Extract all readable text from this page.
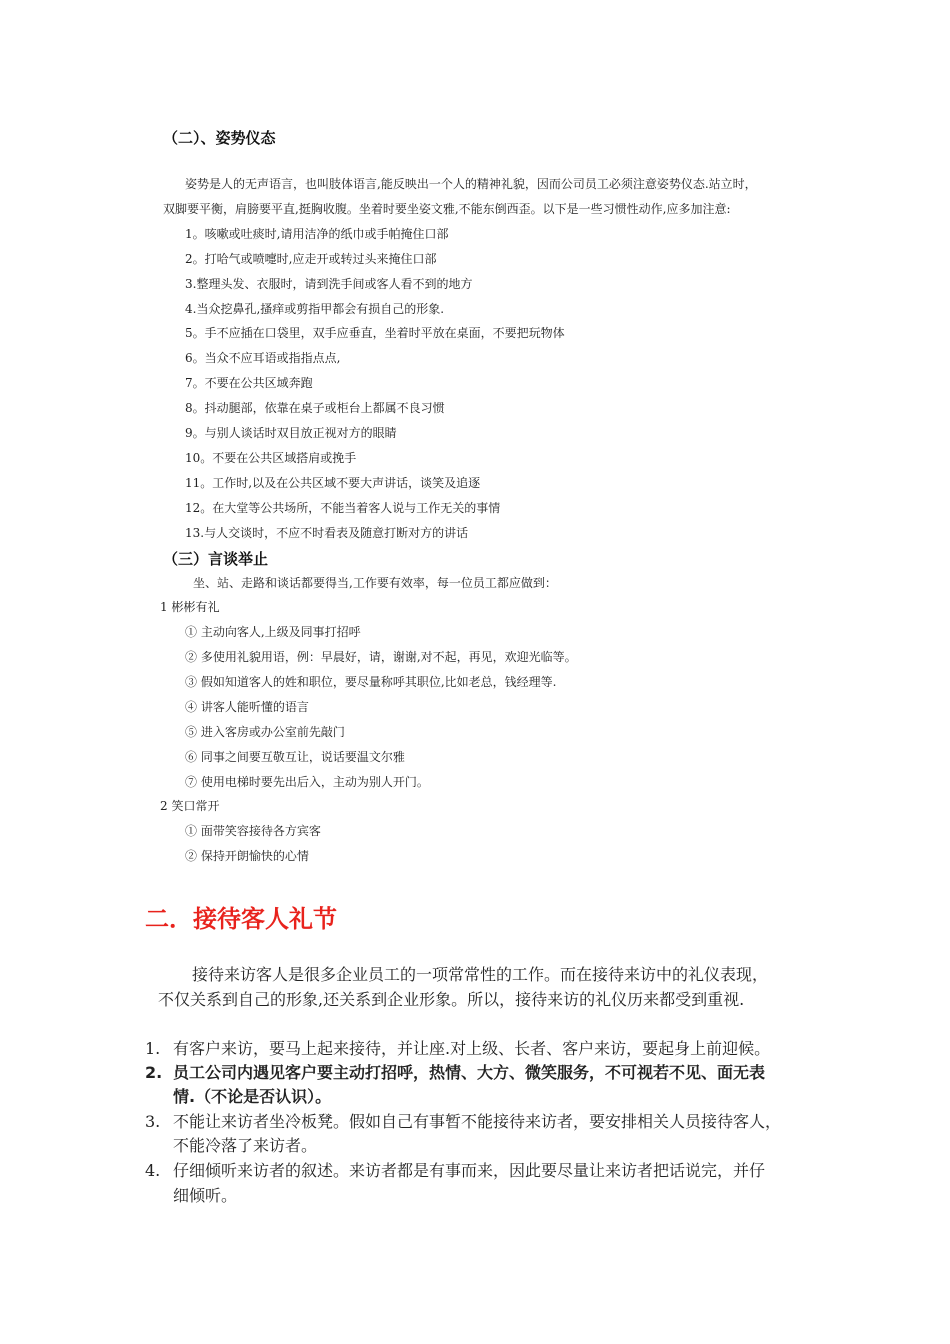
（二）、姿势仪态
姿势是人的无声语言，也叫肢体语言,能反映出一个人的精神礼貌，因而公司员工必须注意姿势仪态.站立时，
双脚要平衡，肩膀要平直,挺胸收腹。坐着时要坐姿文雅,不能东倒西歪。以下是一些习惯性动作,应多加注意:
1。咳嗽或吐痰时,请用洁净的纸巾或手帕掩住口部
2。打哈气或喷嚏时,应走开或转过头来掩住口部
3.整理头发、衣服时，请到洗手间或客人看不到的地方
4.当众挖鼻孔,搔痒或剪指甲都会有损自己的形象.
5。手不应插在口袋里，双手应垂直，坐着时平放在桌面，不要把玩物体
6。当众不应耳语或指指点点,
7。不要在公共区域奔跑
8。抖动腿部，依靠在桌子或柜台上都属不良习惯
9。与别人谈话时双目放正视对方的眼睛
10。不要在公共区域搭肩或挽手
11。工作时,以及在公共区域不要大声讲话，谈笑及追逐
12。在大堂等公共场所，不能当着客人说与工作无关的事情
13.与人交谈时，不应不时看表及随意打断对方的讲话
（三）言谈举止
坐、站、走路和谈话都要得当,工作要有效率，每一位员工都应做到：
1 彬彬有礼
① 主动向客人,上级及同事打招呼
② 多使用礼貌用语，例：早晨好，请，谢谢,对不起，再见，欢迎光临等。
③ 假如知道客人的姓和职位，要尽量称呼其职位,比如老总，钱经理等.
④ 讲客人能听懂的语言
⑤ 进入客房或办公室前先敲门
⑥ 同事之间要互敬互让，说话要温文尔雅
⑦ 使用电梯时要先出后入，主动为别人开门。
2 笑口常开
① 面带笑容接待各方宾客
② 保持开朗愉快的心情
二．接待客人礼节
接待来访客人是很多企业员工的一项常常性的工作。而在接待来访中的礼仪表现，
不仅关系到自己的形象,还关系到企业形象。所以，接待来访的礼仪历来都受到重视.
1. 有客户来访，要马上起来接待，并让座.对上级、长者、客户来访，要起身上前迎候。
2. 员工公司内遇见客户要主动打招呼，热情、大方、微笑服务，不可视若不见、面无表
情.（不论是否认识）。
3. 不能让来访者坐冷板凳。假如自己有事暂不能接待来访者，要安排相关人员接待客人，
不能冷落了来访者。
4. 仔细倾听来访者的叙述。来访者都是有事而来，因此要尽量让来访者把话说完，并仔
细倾听。
